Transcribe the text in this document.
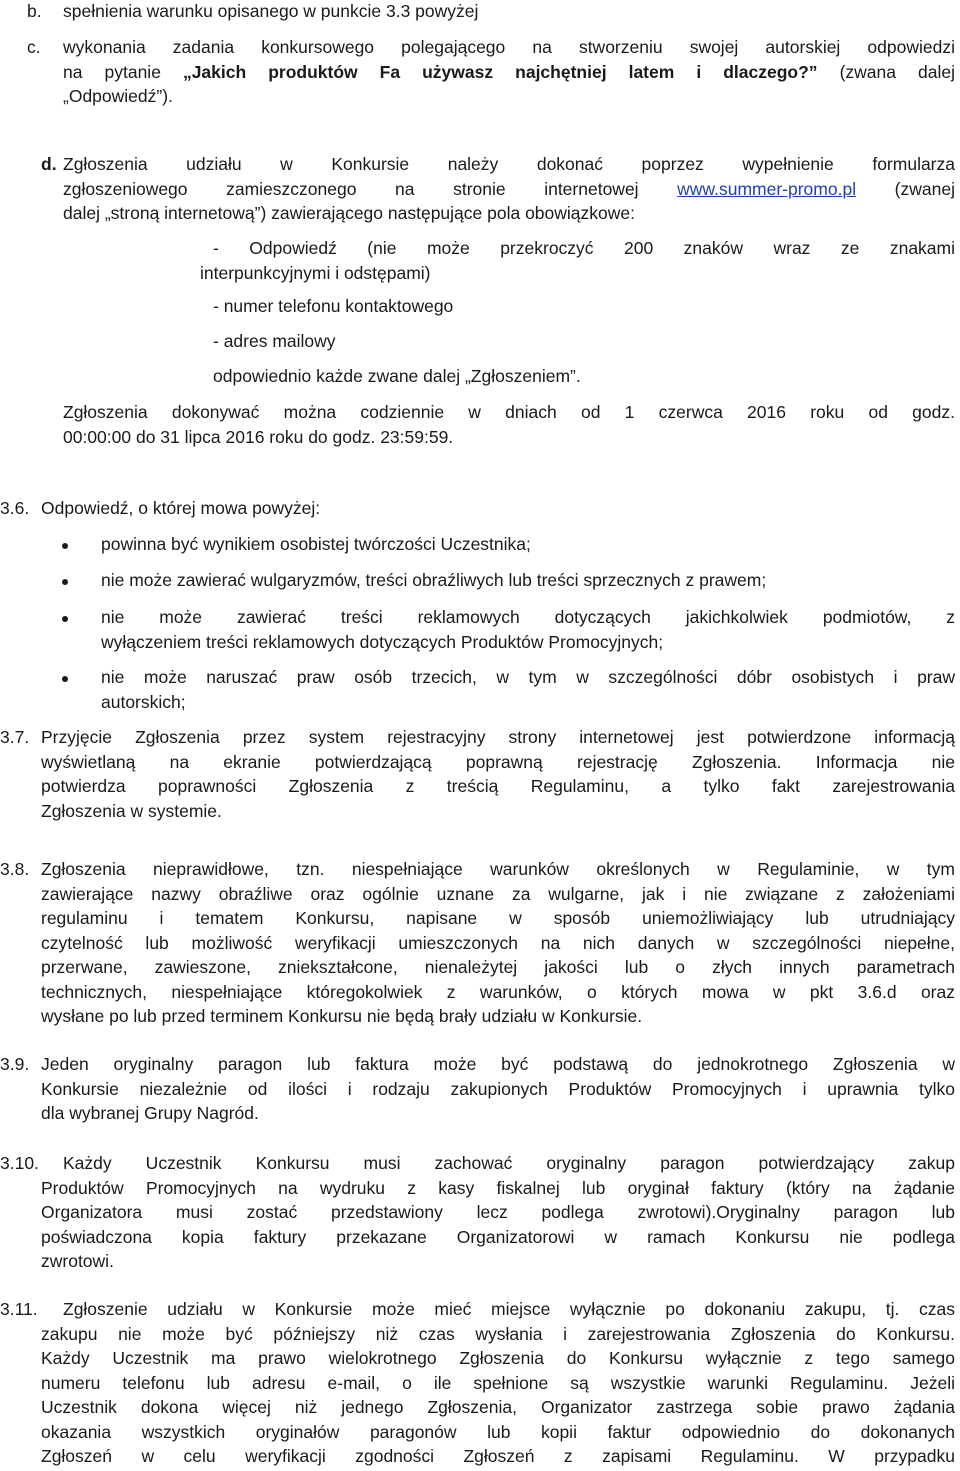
b. spełnienia warunku opisanego w punkcie 3.3 powyżej
c. wykonania zadania konkursowego polegającego na stworzeniu swojej autorskiej odpowiedzi
na pytanie „Jakich produktów Fa używasz najchętniej latem i dlaczego?” (zwana dalej
„Odpowiedź”).
d. Zgłoszenia udziału w Konkursie należy dokonać poprzez wypełnienie formularza
zgłoszeniowego zamieszczonego na stronie internetowej www.summer-promo.pl (zwanej
dalej „stroną internetową”) zawierającego następujące pola obowiązkowe:
- Odpowiedź (nie może przekroczyć 200 znaków wraz ze znakami
interpunkcyjnymi i odstępami)
- numer telefonu kontaktowego
- adres mailowy
odpowiednio każde zwane dalej „Zgłoszeniem”.
Zgłoszenia dokonywać można codziennie w dniach od 1 czerwca 2016 roku od godz.
00:00:00 do 31 lipca 2016 roku do godz. 23:59:59.
3.6. Odpowiedź, o której mowa powyżej:
powinna być wynikiem osobistej twórczości Uczestnika;
nie może zawierać wulgaryzmów, treści obraźliwych lub treści sprzecznych z prawem;
nie może zawierać treści reklamowych dotyczących jakichkolwiek podmiotów, z
wyłączeniem treści reklamowych dotyczących Produktów Promocyjnych;
nie może naruszać praw osób trzecich, w tym w szczególności dóbr osobistych i praw
autorskich;
3.7. Przyjęcie Zgłoszenia przez system rejestracyjny strony internetowej jest potwierdzone informacją
wyświetlaną na ekranie potwierdzającą poprawną rejestrację Zgłoszenia. Informacja nie
potwierdza poprawności Zgłoszenia z treścią Regulaminu, a tylko fakt zarejestrowania
Zgłoszenia w systemie.
3.8. Zgłoszenia nieprawidłowe, tzn. niespełniające warunków określonych w Regulaminie, w tym
zawierające nazwy obraźliwe oraz ogólnie uznane za wulgarne, jak i nie związane z założeniami
regulaminu i tematem Konkursu, napisane w sposób uniemożliwiający lub utrudniający
czytelność lub możliwość weryfikacji umieszczonych na nich danych w szczególności niepełne,
przerwane, zawieszone, zniekształcone, nienależytej jakości lub o złych innych parametrach
technicznych, niespełniające któregokolwiek z warunków, o których mowa w pkt 3.6.d oraz
wysłane po lub przed terminem Konkursu nie będą brały udziału w Konkursie.
3.9. Jeden oryginalny paragon lub faktura może być podstawą do jednokrotnego Zgłoszenia w
Konkursie niezależnie od ilości i rodzaju zakupionych Produktów Promocyjnych i uprawnia tylko
dla wybranej Grupy Nagród.
3.10.	Każdy Uczestnik Konkursu musi zachować oryginalny paragon potwierdzający zakup
Produktów Promocyjnych na wydruku z kasy fiskalnej lub oryginał faktury (który na żądanie
Organizatora musi zostać przedstawiony lecz podlega zwrotowi).Oryginalny paragon lub
poświadczona kopia faktury przekazane Organizatorowi w ramach Konkursu nie podlega
zwrotowi.
3.11.	Zgłoszenie udziału w Konkursie może mieć miejsce wyłącznie po dokonaniu zakupu, tj. czas
zakupu nie może być późniejszy niż czas wysłania i zarejestrowania Zgłoszenia do Konkursu.
Każdy Uczestnik ma prawo wielokrotnego Zgłoszenia do Konkursu wyłącznie z tego samego
numeru telefonu lub adresu e-mail, o ile spełnione są wszystkie warunki Regulaminu. Jeżeli
Uczestnik dokona więcej niż jednego Zgłoszenia, Organizator zastrzega sobie prawo żądania
okazania wszystkich oryginałów paragonów lub kopii faktur odpowiednio do dokonanych
Zgłoszeń w celu weryfikacji zgodności Zgłoszeń z zapisami Regulaminu. W przypadku
